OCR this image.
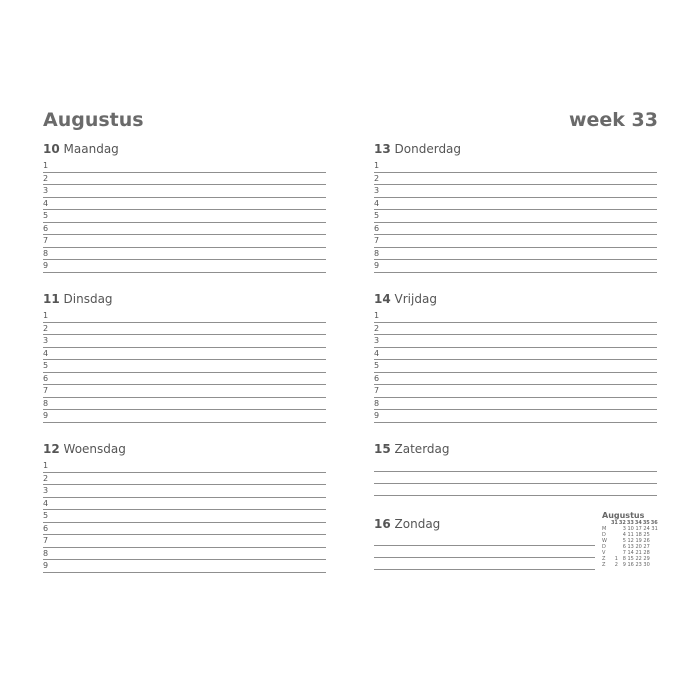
Augustus	week 33
10 Maandag
1
2
3
4
5
6
7
8
9
11 Dinsdag
1
2
3
4
5
6
7
8
9
12 Woensdag
1
2
3
4
5
6
7
8
9
13 Donderdag
1
2
3
4
5
6
7
8
9
14 Vrijdag
1
2
3
4
5
6
7
8
9
15 Zaterdag
16 Zondag
Augustus
	31	32	33	34	35	36
M		3	10	17	24	31
D		4	11	18	25	
W		5	12	19	26	
D		6	13	20	27	
V		7	14	21	28	
Z	1	8	15	22	29	
Z	2	9	16	23	30	
